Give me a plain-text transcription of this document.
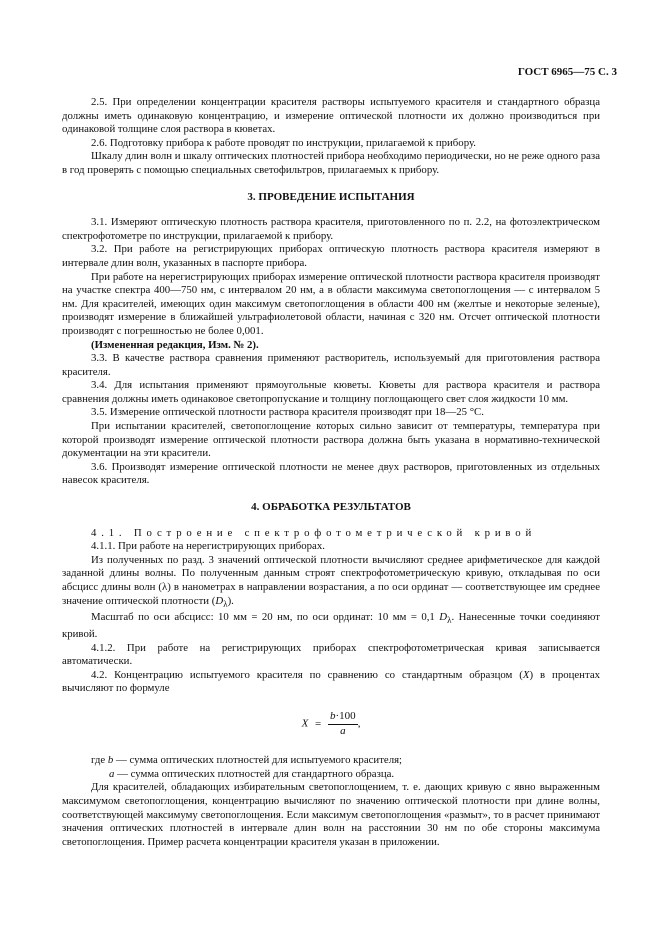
ГОСТ 6965—75 С. 3

2.5. При определении концентрации красителя растворы испытуемого красителя и стандартного образца должны иметь одинаковую концентрацию, и измерение оптической плотности их должно производиться при одинаковой толщине слоя раствора в кюветах.

2.6. Подготовку прибора к работе проводят по инструкции, прилагаемой к прибору.

Шкалу длин волн и шкалу оптических плотностей прибора необходимо периодически, но не реже одного раза в год проверять с помощью специальных светофильтров, прилагаемых к прибору.

3. ПРОВЕДЕНИЕ ИСПЫТАНИЯ

3.1. Измеряют оптическую плотность раствора красителя, приготовленного по п. 2.2, на фотоэлектрическом спектрофотометре по инструкции, прилагаемой к прибору.

3.2. При работе на регистрирующих приборах оптическую плотность раствора красителя измеряют в интервале длин волн, указанных в паспорте прибора.

При работе на нерегистрирующих приборах измерение оптической плотности раствора красителя производят на участке спектра 400—750 нм, с интервалом 20 нм, а в области максимума светопоглощения — с интервалом 5 нм. Для красителей, имеющих один максимум светопоглощения в области 400 нм (желтые и некоторые зеленые), производят измерение в ближайшей ультрафиолетовой области, начиная с 320 нм. Отсчет оптической плотности производят с погрешностью не более 0,001.

(Измененная редакция, Изм. № 2).

3.3. В качестве раствора сравнения применяют растворитель, используемый для приготовления раствора красителя.

3.4. Для испытания применяют прямоугольные кюветы. Кюветы для раствора красителя и раствора сравнения должны иметь одинаковое светопропускание и толщину поглощающего свет слоя жидкости 10 мм.

3.5. Измерение оптической плотности раствора красителя производят при 18—25 °С.

При испытании красителей, светопоглощение которых сильно зависит от температуры, температура при которой производят измерение оптической плотности раствора должна быть указана в нормативно-технической документации на эти красители.

3.6. Производят измерение оптической плотности не менее двух растворов, приготовленных из отдельных навесок красителя.

4. ОБРАБОТКА РЕЗУЛЬТАТОВ

4.1. Построение спектрофотометрической кривой

4.1.1. При работе на нерегистрирующих приборах.

Из полученных по разд. 3 значений оптической плотности вычисляют среднее арифметическое для каждой заданной длины волны. По полученным данным строят спектрофотометрическую кривую, откладывая по оси абсцисс длины волн (λ) в нанометрах в направлении возрастания, а по оси ординат — соответствующее им среднее значение оптической плотности $(D_\lambda)$.

Масштаб по оси абсцисс: 10 мм = 20 нм, по оси ординат: 10 мм = 0,1 $D_\lambda$. Нанесенные точки соединяют кривой.

4.1.2. При работе на регистрирующих приборах спектрофотометрическая кривая записывается автоматически.

4.2. Концентрацию испытуемого красителя по сравнению со стандартным образцом (X) в процентах вычисляют по формуле

$X = \frac{b\cdot 100}{a}$ ,
где b — сумма оптических плотностей для испытуемого красителя;
a — сумма оптических плотностей для стандартного образца.

Для красителей, обладающих избирательным светопоглощением, т. е. дающих кривую с явно выраженным максимумом светопоглощения, концентрацию вычисляют по значению оптической плотности при длине волны, соответствующей максимуму светопоглощения. Если максимум светопоглощения «размыт», то в расчет принимают значения оптических плотностей в интервале длин волн на расстоянии 30 нм по обе стороны максимума светопоглощения. Пример расчета концентрации красителя указан в приложении.
